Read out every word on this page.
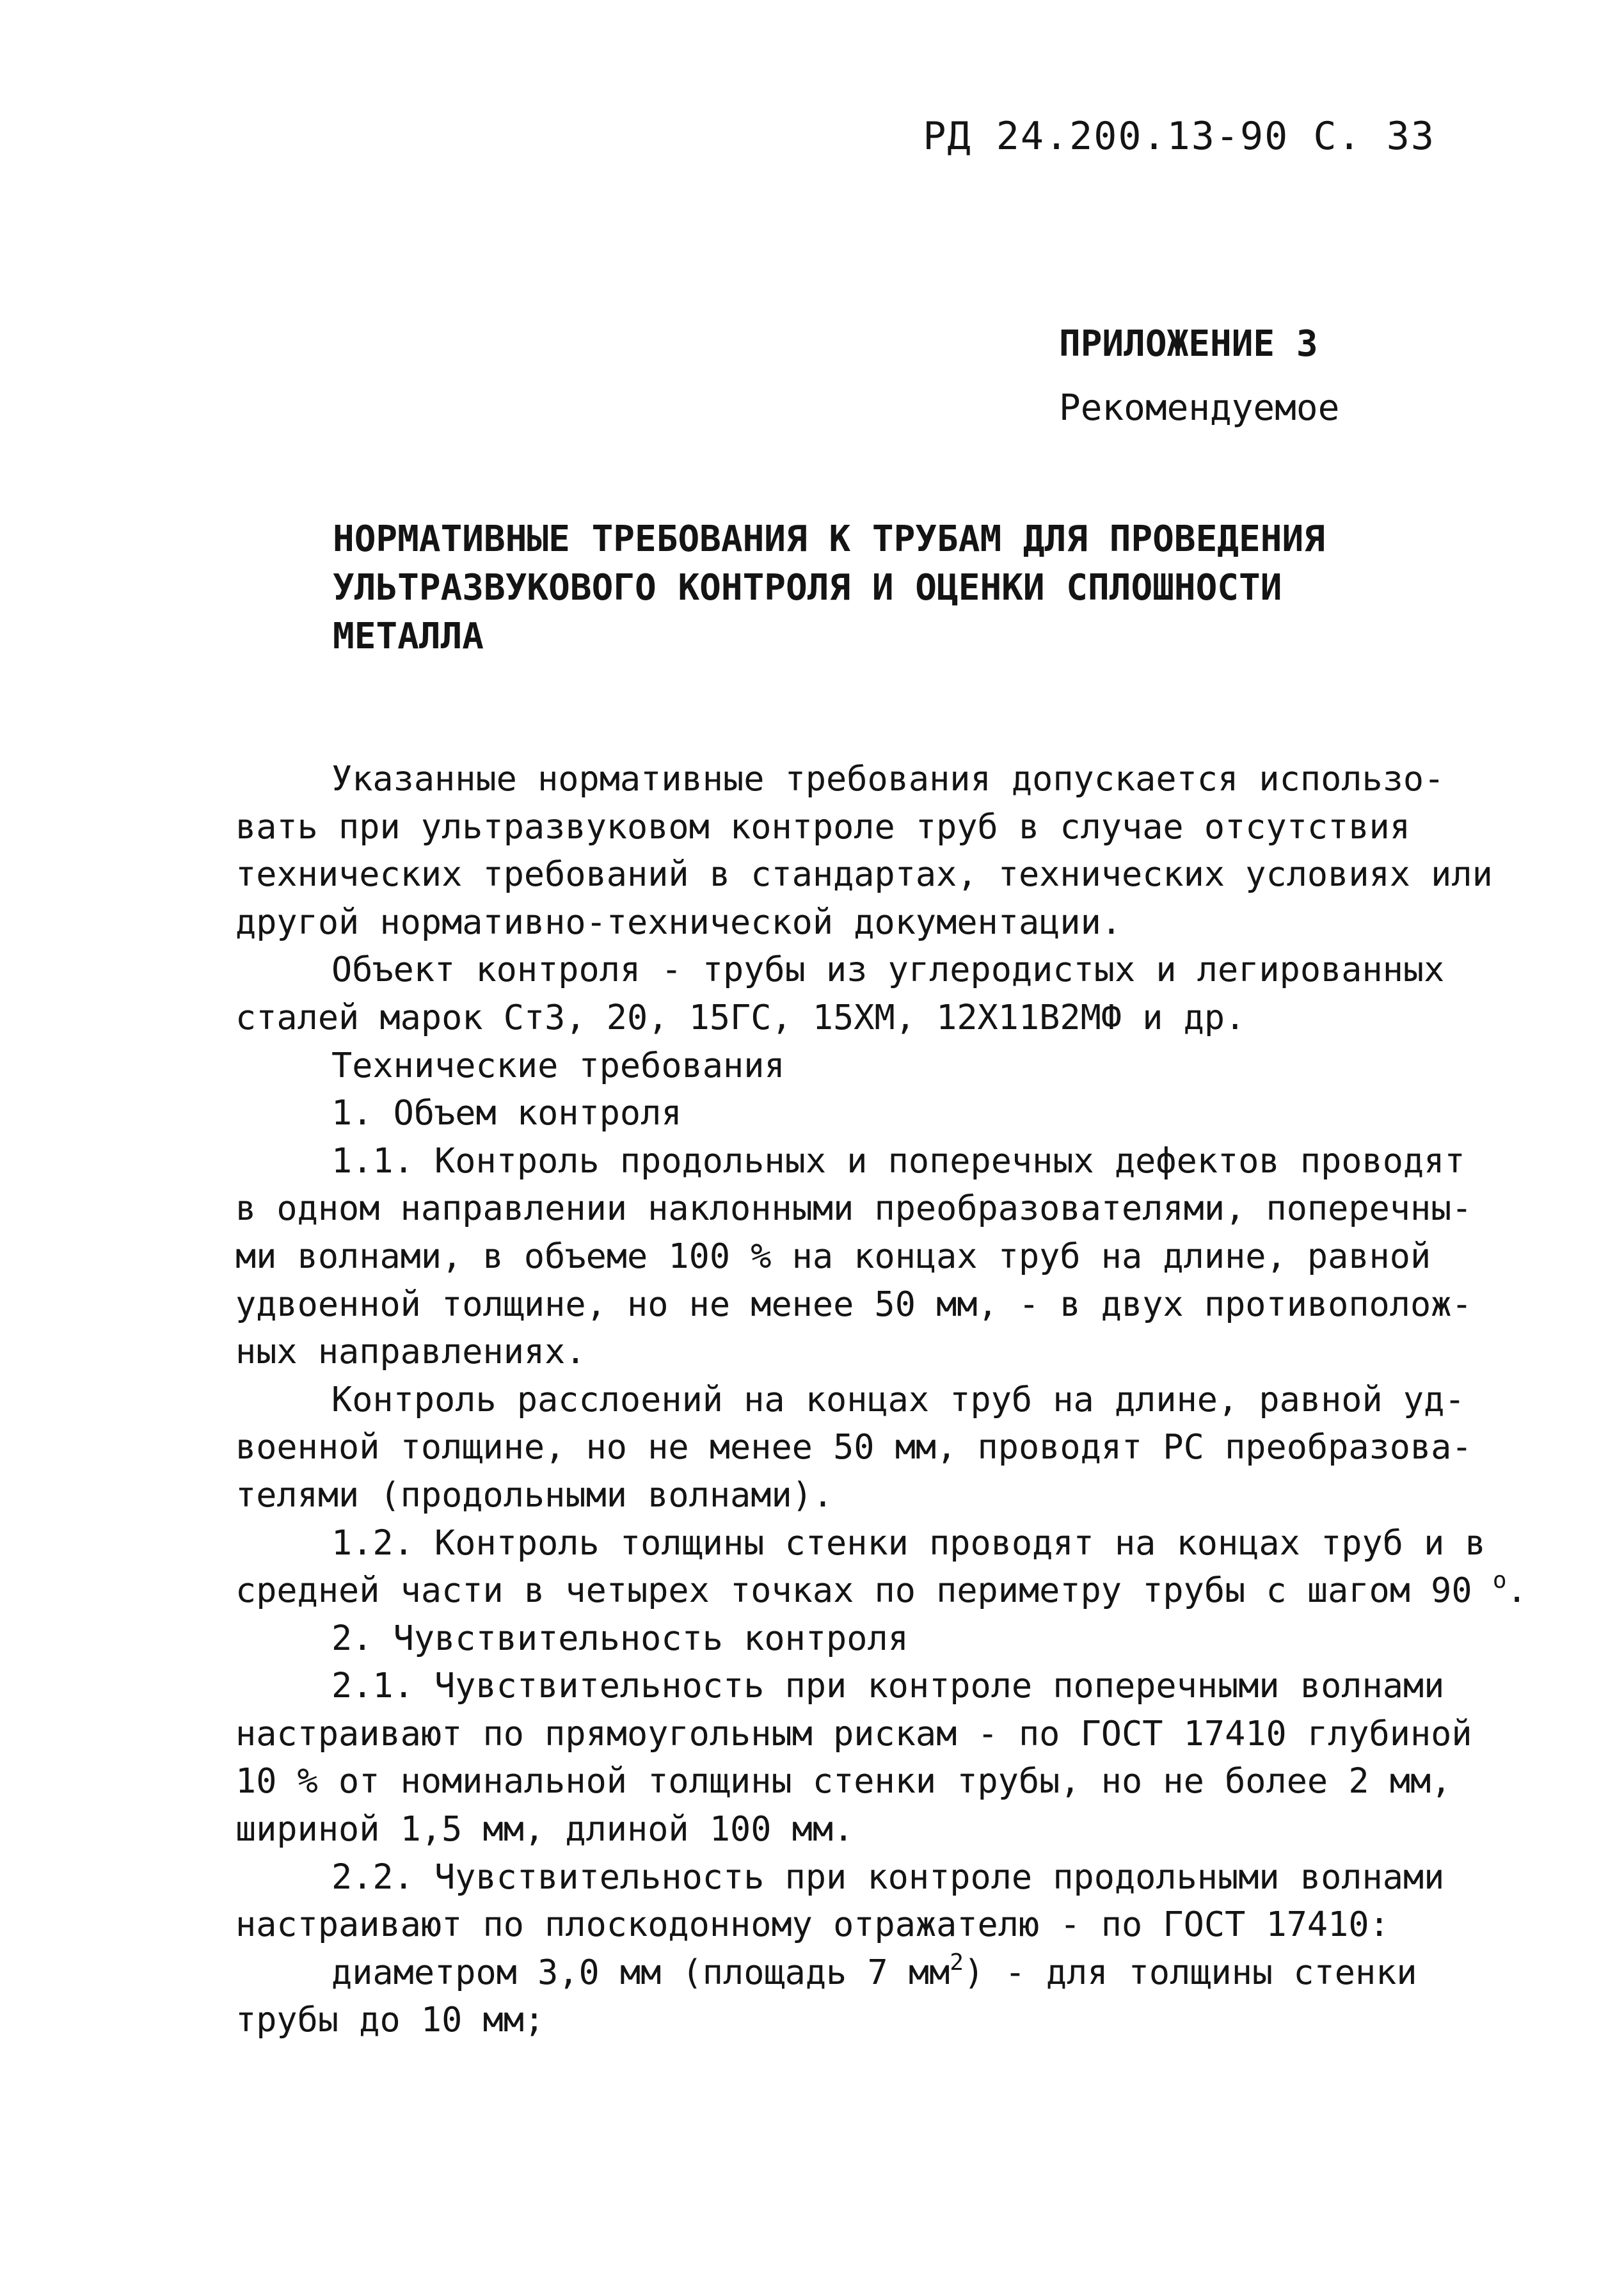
РД 24.200.13-90 С. 33
ПРИЛОЖЕНИЕ 3
Рекомендуемое
НОРМАТИВНЫЕ ТРЕБОВАНИЯ К ТРУБАМ ДЛЯ ПРОВЕДЕНИЯ
УЛЬТРАЗВУКОВОГО КОНТРОЛЯ И ОЦЕНКИ СПЛОШНОСТИ
МЕТАЛЛА
Указанные нормативные требования допускается использо-
вать при ультразвуковом контроле труб в случае отсутствия
технических требований в стандартах, технических условиях или
другой нормативно-технической документации.
Объект контроля - трубы из углеродистых и легированных
сталей марок Ст3, 20, 15ГС, 15ХМ, 12Х11В2МФ и др.
Технические требования
1. Объем контроля
1.1. Контроль продольных и поперечных дефектов проводят
в одном направлении наклонными преобразователями, поперечны-
ми волнами, в объеме 100 % на концах труб на длине, равной
удвоенной толщине, но не менее 50 мм, - в двух противополож-
ных направлениях.
Контроль расслоений на концах труб на длине, равной уд-
военной толщине, но не менее 50 мм, проводят РС преобразова-
телями (продольными волнами).
1.2. Контроль толщины стенки проводят на концах труб и в
средней части в четырех точках по периметру трубы с шагом 90 $^о$.
2. Чувствительность контроля
2.1. Чувствительность при контроле поперечными волнами
настраивают по прямоугольным рискам - по ГОСТ 17410 глубиной
10 % от номинальной толщины стенки трубы, но не более 2 мм,
шириной 1,5 мм, длиной 100 мм.
2.2. Чувствительность при контроле продольными волнами
настраивают по плоскодонному отражателю - по ГОСТ 17410:
диаметром 3,0 мм (площадь 7 $мм^2$) - для толщины стенки
трубы до 10 мм;
